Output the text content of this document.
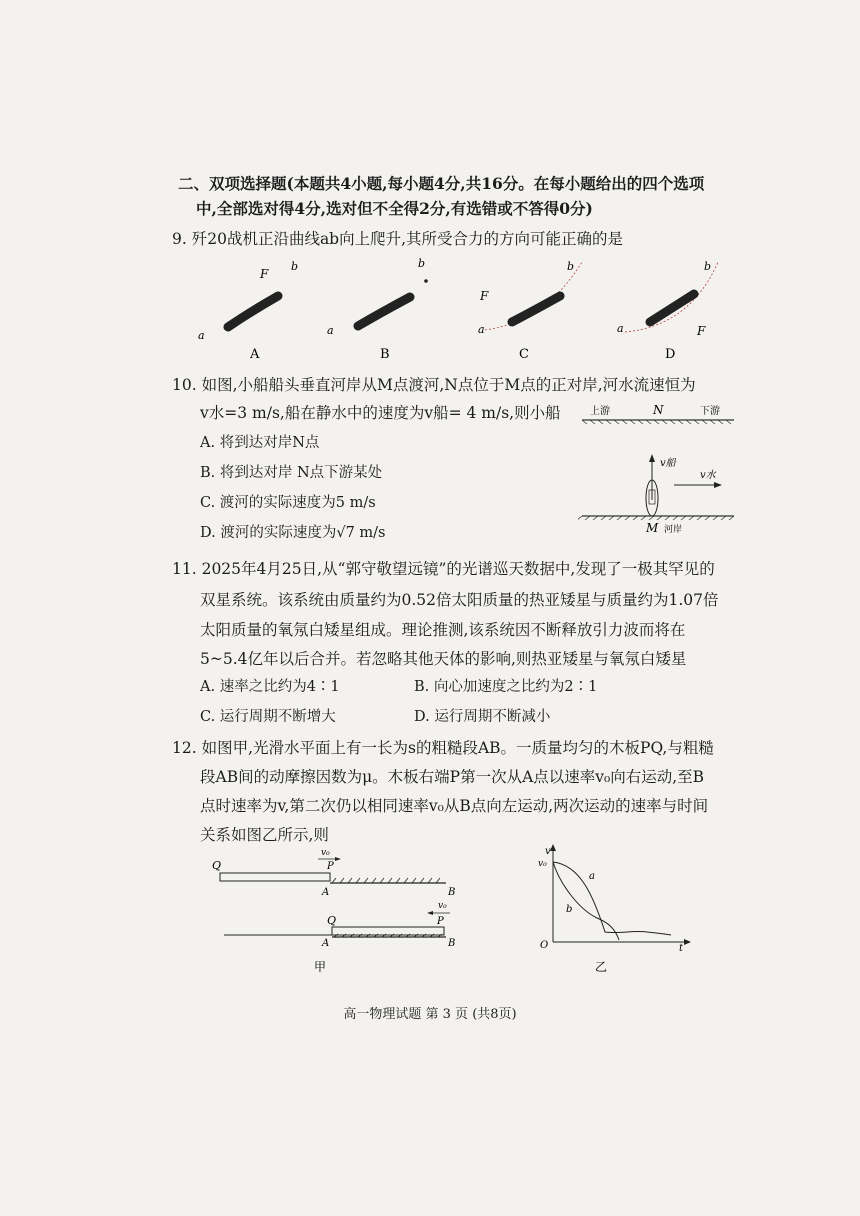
二、双项选择题(本题共4小题,每小题4分,共16分。在每小题给出的四个选项
中,全部选对得4分,选对但不全得2分,有选错或不答得0分)
9. 歼20战机正沿曲线ab向上爬升,其所受合力的方向可能正确的是
a
b
F
A
a
b
B
a
b
F
C
a
b
F
D
10. 如图,小船船头垂直河岸从M点渡河,N点位于M点的正对岸,河水流速恒为
v水=3 m/s,船在静水中的速度为v船= 4 m/s,则小船
A. 将到达对岸N点
B. 将到达对岸 N点下游某处
C. 渡河的实际速度为5 m/s
D. 渡河的实际速度为√7 m/s
上游	N	下游
v船
v水
M 河岸
11. 2025年4月25日,从“郭守敬望远镜”的光谱巡天数据中,发现了一极其罕见的
双星系统。该系统由质量约为0.52倍太阳质量的热亚矮星与质量约为1.07倍
太阳质量的氧氖白矮星组成。理论推测,该系统因不断释放引力波而将在
5~5.4亿年以后合并。若忽略其他天体的影响,则热亚矮星与氧氖白矮星
A. 速率之比约为4∶1	B. 向心加速度之比约为2∶1
C. 运行周期不断增大	D. 运行周期不断减小
12. 如图甲,光滑水平面上有一长为s的粗糙段AB。一质量均匀的木板PQ,与粗糙
段AB间的动摩擦因数为μ。木板右端P第一次从A点以速率v₀向右运动,至B
点时速率为v,第二次仍以相同速率v₀从B点向左运动,两次运动的速率与时间
关系如图乙所示,则
Q
v₀
P
A	B
Q
v₀
P
A	B
甲
v
t
O
v₀
a
b
乙
高一物理试题 第 3 页 (共8页)
